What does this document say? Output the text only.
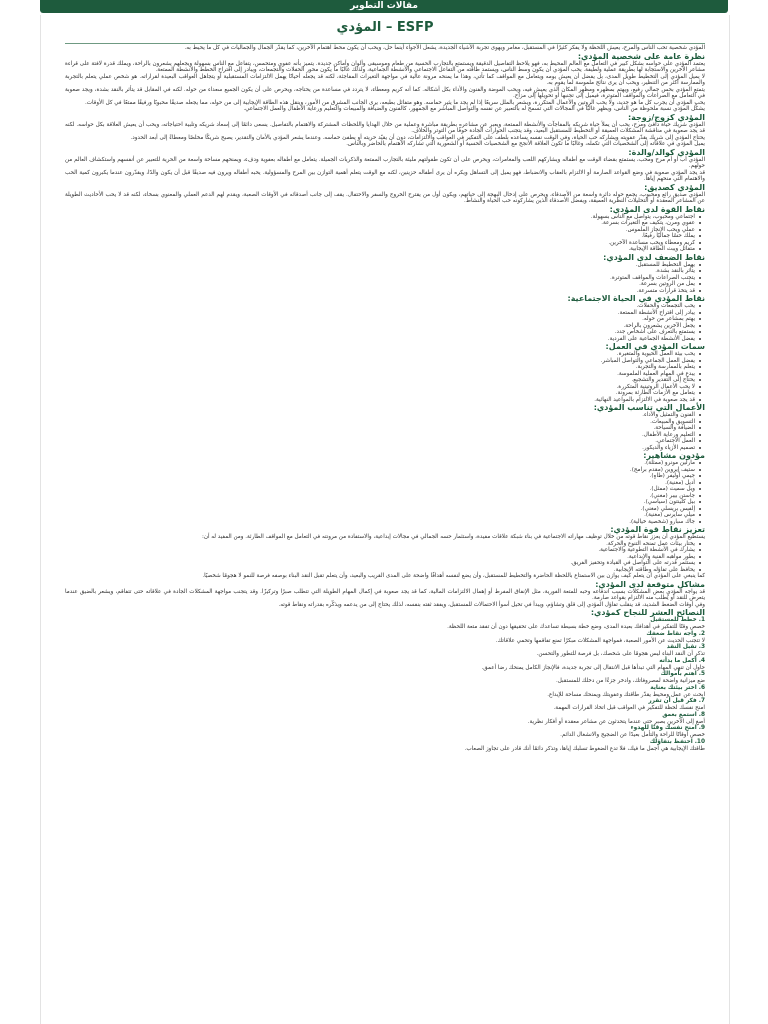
مقالات التطوير
المؤدي – ESFP

المؤدي شخصية تحب الناس والمرح، يعيش اللحظة ولا يفكر كثيرًا في المستقبل، مغامر ويهوى تجربة الأشياء الجديدة، يشعل الأجواء أينما حل، ويحب أن يكون محط اهتمام الآخرين، كما يقدّر الجمال والجماليات في كل ما يحيط به.

نظرة عامة على شخصية المؤدي:

يعتمد المؤدي على حواسه بشكل كبير في التعامل مع العالم المحيط به، فهو يلاحظ التفاصيل الدقيقة ويستمتع بالتجارب الحسية من طعام وموسيقى وألوان وأماكن جديدة. يتميز بأنه عفوي ومتحمس، يتفاعل مع الناس بسهولة ويجعلهم يشعرون بالراحة، ويملك قدرة لافتة على قراءة مشاعر الآخرين والاستجابة لها بطريقة عملية ولطيفة. يحب المؤدي أن يكون وسط الناس، ويستمد طاقته من التفاعل الاجتماعي والأنشطة الجماعية، ولذلك غالبًا ما يكون محور الحفلات والتجمعات، ويبادر إلى اقتراح الخطط والأنشطة الممتعة.

لا يميل المؤدي إلى التخطيط طويل المدى، بل يفضل أن يعيش يومه ويتعامل مع المواقف كما تأتي، وهذا ما يمنحه مرونة عالية في مواجهة التغيرات المفاجئة، لكنه قد يجعله أحيانًا يهمل الالتزامات المستقبلية أو يتجاهل العواقب البعيدة لقراراته. هو شخص عملي يتعلم بالتجربة والممارسة أكثر من التنظير، ويحب أن يرى نتائج ملموسة لما يقوم به.

يتمتع المؤدي بحس جمالي رفيع، ويهتم بمظهره ومظهر المكان الذي يعيش فيه، ويحب الموضة والفنون والأداء بكل أشكاله. كما أنه كريم ومعطاء، لا يتردد في مساعدة من يحتاجه، ويحرص على أن يكون الجميع سعداء من حوله. لكنه في المقابل قد يتأثر بالنقد بشدة، ويجد صعوبة في التعامل مع الصراعات والمواقف المتوترة، فيميل إلى تجنبها أو تحويلها إلى مزاح.

يحب المؤدي أن يجرب كل ما هو جديد، ولا يحب الروتين والأعمال المتكررة، ويشعر بالملل سريعًا إذا لم يجد ما يثير حماسه. وهو متفائل بطبعه، يرى الجانب المشرق من الأمور، وينقل هذه الطاقة الإيجابية إلى من حوله، مما يجعله صديقًا محبوبًا ورفيقًا ممتعًا في كل الأوقات.

يشكّل المؤدي نسبة ملحوظة من الناس، ويظهر غالبًا في المجالات التي تسمح له بالتعبير عن نفسه والتواصل المباشر مع الجمهور، كالفنون والضيافة والمبيعات والتعليم ورعاية الأطفال والعمل الاجتماعي.

المؤدي كزوج/زوجة:

المؤدي شريك حياة دافئ ومرح، يحب أن يملأ حياة شريكه بالمفاجآت والأنشطة الممتعة، ويعبر عن مشاعره بطريقة مباشرة وعملية من خلال الهدايا واللحظات المشتركة والاهتمام بالتفاصيل. يسعى دائمًا إلى إسعاد شريكه وتلبية احتياجاته، ويحب أن يعيش العلاقة بكل حواسه. لكنه قد يجد صعوبة في مناقشة المشكلات العميقة أو التخطيط للمستقبل البعيد، وقد يتجنب الحوارات الجادة خوفًا من التوتر والخلاف.

يحتاج المؤدي إلى شريك يقدّر عفويته ويشاركه حب الحياة، وفي الوقت نفسه يساعده بلطف على التفكير في العواقب والالتزامات، دون أن يقيّد حريته أو يطفئ حماسه. وعندما يشعر المؤدي بالأمان والتقدير، يصبح شريكًا مخلصًا ومعطاءً إلى أبعد الحدود.

يميل المؤدي في علاقاته إلى الشخصيات التي تكمله، وغالبًا ما تكون العلاقة الأنجح مع الشخصيات الحسية أو الشعورية التي تشاركه الاهتمام بالحاضر وبالناس.

المؤدي كوالد/والدة:

المؤدي أب أو أم مرح ومحب، يستمتع بقضاء الوقت مع أطفاله ويشاركهم اللعب والمغامرات، ويحرص على أن تكون طفولتهم مليئة بالتجارب الممتعة والذكريات الجميلة. يتعامل مع أطفاله بعفوية ودفء، ويمنحهم مساحة واسعة من الحرية للتعبير عن أنفسهم واستكشاف العالم من حولهم.

قد يجد المؤدي صعوبة في وضع القواعد الصارمة أو الالتزام بالعقاب والانضباط، فهو يميل إلى التساهل ويكره أن يرى أطفاله حزينين، لكنه مع الوقت يتعلم أهمية التوازن بين المرح والمسؤولية. يحبه أطفاله ويرون فيه صديقًا قبل أن يكون والدًا، ويقدّرون عندما يكبرون كمية الحب والاهتمام التي منحهم إياها.

المؤدي كصديق:

المؤدي صديق رائع ومحبوب، يجمع حوله دائرة واسعة من الأصدقاء، ويحرص على إدخال البهجة إلى حياتهم، ويكون أول من يقترح الخروج والسفر والاحتفال. يقف إلى جانب أصدقائه في الأوقات الصعبة، ويقدم لهم الدعم العملي والمعنوي بسخاء، لكنه قد لا يحب الأحاديث الطويلة عن المشاعر المعقدة أو التحليلات النظرية العميقة، ويفضل الأصدقاء الذين يشاركونه حب الحياة والنشاط.

نقاط القوة لدى المؤدي:
اجتماعي ومحبوب، يتواصل مع الناس بسهولة.
عفوي ومرن، يتكيف مع التغيرات بسرعة.
عملي ويحب الإنجاز الملموس.
يملك حسًا جماليًا رفيعًا.
كريم ومعطاء ويحب مساعدة الآخرين.
متفائل ويبث الطاقة الإيجابية.
نقاط الضعف لدى المؤدي:
يهمل التخطيط للمستقبل.
يتأثر بالنقد بشدة.
يتجنب الصراعات والمواقف المتوترة.
يمل من الروتين بسرعة.
قد يتخذ قرارات متسرعة.
نقاط المؤدي في الحياة الاجتماعية:
يحب التجمعات والحفلات.
يبادر إلى اقتراح الأنشطة الممتعة.
يهتم بمشاعر من حوله.
يجعل الآخرين يشعرون بالراحة.
يستمتع بالتعرف على أشخاص جدد.
يفضل الأنشطة الجماعية على الفردية.
سمات المؤدي في العمل:
يحب بيئة العمل الحيوية والمتغيرة.
يفضل العمل الجماعي والتواصل المباشر.
يتعلم بالممارسة والتجربة.
يبدع في المهام العملية الملموسة.
يحتاج إلى التقدير والتشجيع.
لا يحب الأعمال الروتينية المتكررة.
يتعامل مع الأزمات الطارئة بمرونة.
قد يجد صعوبة في الالتزام بالمواعيد النهائية.
الأعمال التي تناسب المؤدي:
الفنون والتمثيل والأداء.
التسويق والمبيعات.
الضيافة والسياحة.
التعليم ورعاية الأطفال.
العمل الاجتماعي.
تصميم الأزياء والديكور.
مؤدون مشاهير:
مارلين مونرو (ممثلة).
ستيف إيروين (مقدم برامج).
جيمي أوليفر (طاهٍ).
أديل (مغنية).
ويل سميث (ممثل).
جاستن بيبر (مغني).
بيل كلينتون (سياسي).
إلفيس بريسلي (مغني).
ميلي سايرس (مغنية).
جاك سبارو (شخصية خيالية).
تعزيز نقاط قوة المؤدي:

يستطيع المؤدي أن يعزز نقاط قوته من خلال توظيف مهاراته الاجتماعية في بناء شبكة علاقات مفيدة، واستثمار حسه الجمالي في مجالات إبداعية، والاستفادة من مرونته في التعامل مع المواقف الطارئة. ومن المفيد له أن:

يختار بيئات عمل تمنحه التنوع والحركة.
يشارك في الأنشطة التطوعية والاجتماعية.
يطور مواهبه الفنية والإبداعية.
يستثمر قدرته على التواصل في القيادة وتحفيز الفريق.
يحافظ على تفاؤله وطاقته الإيجابية.

كما ينبغي على المؤدي أن يتعلم كيف يوازن بين الاستمتاع باللحظة الحاضرة والتخطيط للمستقبل، وأن يضع لنفسه أهدافًا واضحة على المدى القريب والبعيد، وأن يتعلم تقبل النقد البناء بوصفه فرصة للنمو لا هجومًا شخصيًا.

مشاكل متوقعة لدى المؤدي:

قد يواجه المؤدي بعض المشكلات بسبب اندفاعه وحبه للمتعة الفورية، مثل الإنفاق المفرط أو إهمال الالتزامات المالية، كما قد يجد صعوبة في إكمال المهام الطويلة التي تتطلب صبرًا وتركيزًا. وقد يتجنب مواجهة المشكلات الجادة في علاقاته حتى تتفاقم، ويشعر بالضيق عندما يتعرض للنقد أو يُطلب منه الالتزام بقواعد صارمة.

وفي أوقات الضغط الشديد، قد ينقلب تفاؤل المؤدي إلى قلق وتشاؤم، ويبدأ في تخيل أسوأ الاحتمالات للمستقبل، ويفقد ثقته بنفسه، لذلك يحتاج إلى من يدعمه ويذكّره بقدراته ونقاط قوته.

النصائح العشر للنجاح كمؤدي:

1. خطط للمستقبل

خصص وقتًا للتفكير في أهدافك بعيدة المدى، وضع خطة بسيطة تساعدك على تحقيقها دون أن تفقد متعة اللحظة.

2. واجه نقاط ضعفك

لا تتجنب الحديث عن الأمور الصعبة، فمواجهة المشكلات مبكرًا تمنع تفاقمها وتحمي علاقاتك.

3. تقبل النقد

تذكر أن النقد البناء ليس هجومًا على شخصك، بل فرصة للتطور والتحسن.

4. أكمل ما بدأته

حاول أن تنهي المهام التي تبدأها قبل الانتقال إلى تجربة جديدة، فالإنجاز الكامل يمنحك رضا أعمق.

5. اهتم بأموالك

ضع ميزانية واضحة لمصروفاتك، وادخر جزءًا من دخلك للمستقبل.

6. اختر بيئتك بعناية

ابحث عن عمل ومحيط يقدّر طاقتك وعفويتك ويمنحك مساحة للإبداع.

7. فكر قبل أن تقرر

امنح نفسك لحظة للتفكير في العواقب قبل اتخاذ القرارات المهمة.

8. استمع بعمق

أصغِ إلى الآخرين بصبر حتى عندما يتحدثون عن مشاعر معقدة أو أفكار نظرية.

9. امنح نفسك وقتًا للهدوء

خصص أوقاتًا للراحة والتأمل بعيدًا عن الضجيج والانشغال الدائم.

10. احتفظ بتفاؤلك

طاقتك الإيجابية هي أجمل ما فيك، فلا تدع الضغوط تسلبك إياها، وتذكر دائمًا أنك قادر على تجاوز الصعاب.
